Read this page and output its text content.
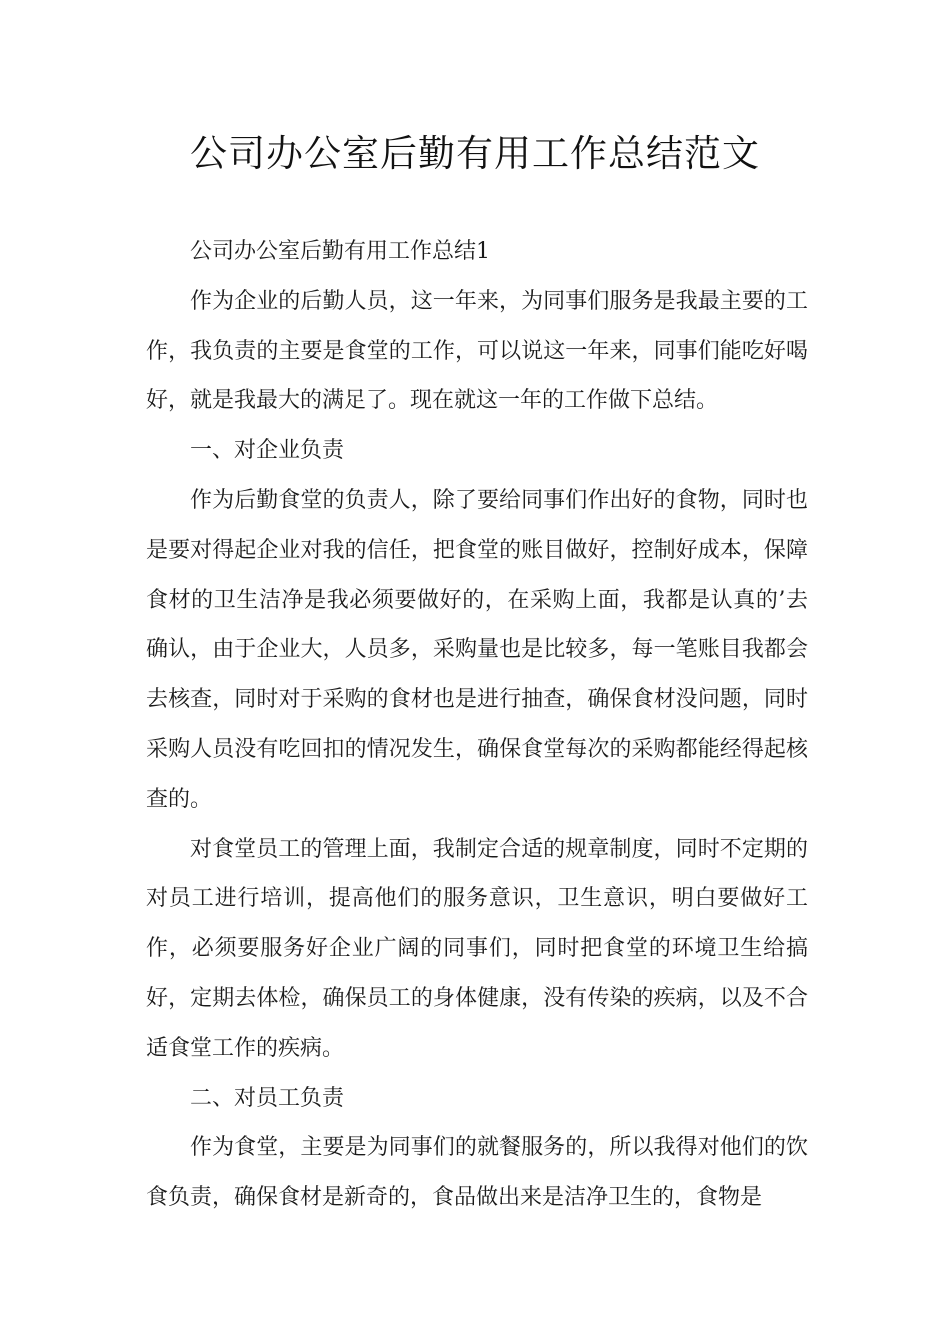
公司办公室后勤有用工作总结范文

公司办公室后勤有用工作总结1

作为企业的后勤人员，这一年来，为同事们服务是我最主要的工作，我负责的主要是食堂的工作，可以说这一年来，同事们能吃好喝好，就是我最大的满足了。现在就这一年的工作做下总结。

一、对企业负责

作为后勤食堂的负责人，除了要给同事们作出好的食物，同时也是要对得起企业对我的信任，把食堂的账目做好，控制好成本，保障食材的卫生洁净是我必须要做好的，在采购上面，我都是认真的’去确认，由于企业大，人员多，采购量也是比较多，每一笔账目我都会去核查，同时对于采购的食材也是进行抽查，确保食材没问题，同时采购人员没有吃回扣的情况发生，确保食堂每次的采购都能经得起核查的。

对食堂员工的管理上面，我制定合适的规章制度，同时不定期的对员工进行培训，提高他们的服务意识，卫生意识，明白要做好工作，必须要服务好企业广阔的同事们，同时把食堂的环境卫生给搞好，定期去体检，确保员工的身体健康，没有传染的疾病，以及不合适食堂工作的疾病。

二、对员工负责

作为食堂，主要是为同事们的就餐服务的，所以我得对他们的饮食负责，确保食材是新奇的，食品做出来是洁净卫生的，食物是
